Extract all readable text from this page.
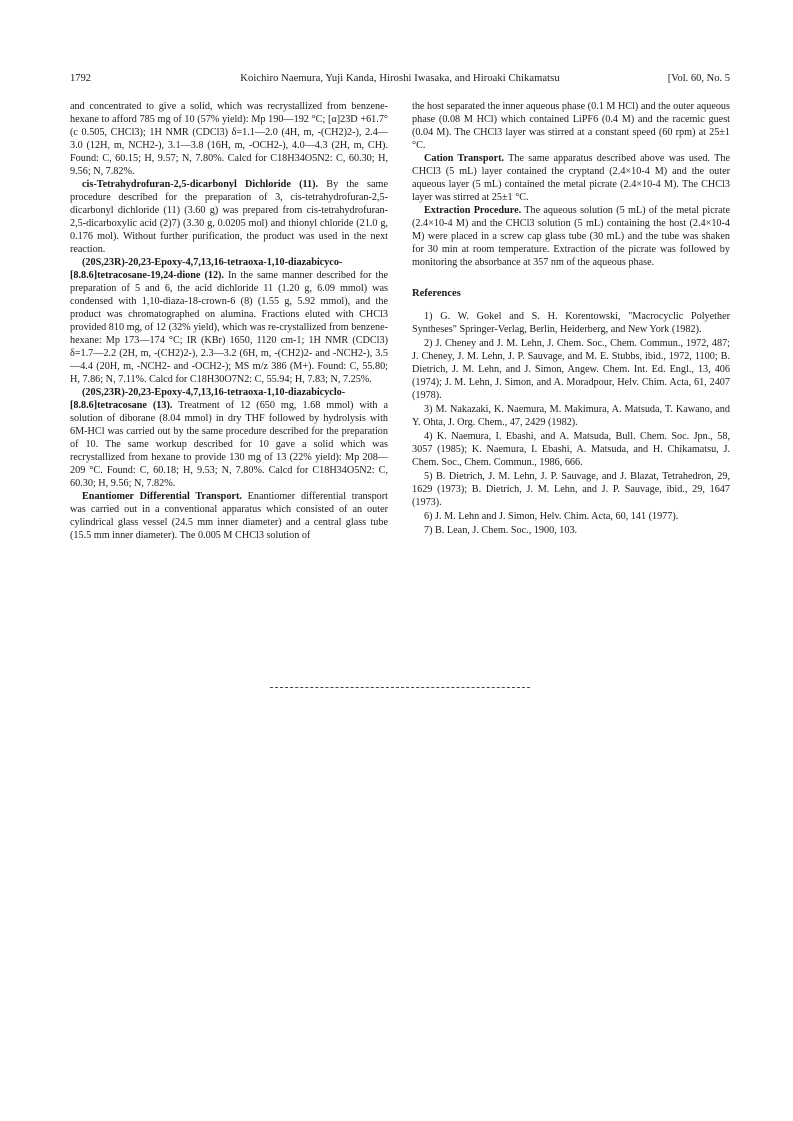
1792	Koichiro Naemura, Yuji Kanda, Hiroshi Iwasaka, and Hiroaki Chikamatsu	[Vol. 60, No. 5

and concentrated to give a solid, which was recrystallized from benzene-hexane to afford 785 mg of 10 (57% yield): Mp 190—192 °C; [α]23D +61.7° (c 0.505, CHCl3); 1H NMR (CDCl3) δ=1.1—2.0 (4H, m, -(CH2)2-), 2.4—3.0 (12H, m, NCH2-), 3.1—3.8 (16H, m, -OCH2-), 4.0—4.3 (2H, m, CH). Found: C, 60.15; H, 9.57; N, 7.80%. Calcd for C18H34O5N2: C, 60.30; H, 9.56; N, 7.82%.

cis-Tetrahydrofuran-2,5-dicarbonyl Dichloride (11). By the same procedure described for the preparation of 3, cis-tetrahydrofuran-2,5-dicarbonyl dichloride (11) (3.60 g) was prepared from cis-tetrahydrofuran-2,5-dicarboxylic acid (2)7) (3.30 g, 0.0205 mol) and thionyl chloride (21.0 g, 0.176 mol). Without further purification, the product was used in the next reaction.

(20S,23R)-20,23-Epoxy-4,7,13,16-tetraoxa-1,10-diazabicyco-[8.8.6]tetracosane-19,24-dione (12). In the same manner described for the preparation of 5 and 6, the acid dichloride 11 (1.20 g, 6.09 mmol) was condensed with 1,10-diaza-18-crown-6 (8) (1.55 g, 5.92 mmol), and the product was chromatographed on alumina. Fractions eluted with CHCl3 provided 810 mg, of 12 (32% yield), which was re-crystallized from benzene-hexane: Mp 173—174 °C; IR (KBr) 1650, 1120 cm-1; 1H NMR (CDCl3) δ=1.7—2.2 (2H, m, -(CH2)2-), 2.3—3.2 (6H, m, -(CH2)2- and -NCH2-), 3.5—4.4 (20H, m, -NCH2- and -OCH2-); MS m/z 386 (M+). Found: C, 55.80; H, 7.86; N, 7.11%. Calcd for C18H30O7N2: C, 55.94; H, 7.83; N, 7.25%.

(20S,23R)-20,23-Epoxy-4,7,13,16-tetraoxa-1,10-diazabicyclo-[8.8.6]tetracosane (13). Treatment of 12 (650 mg, 1.68 mmol) with a solution of diborane (8.04 mmol) in dry THF followed by hydrolysis with 6M-HCl was carried out by the same procedure described for the preparation of 10. The same workup described for 10 gave a solid which was recrystallized from hexane to provide 130 mg of 13 (22% yield): Mp 208—209 °C. Found: C, 60.18; H, 9.53; N, 7.80%. Calcd for C18H34O5N2: C, 60.30; H, 9.56; N, 7.82%.

Enantiomer Differential Transport. Enantiomer differential transport was carried out in a conventional apparatus which consisted of an outer cylindrical glass vessel (24.5 mm inner diameter) and a central glass tube (15.5 mm inner diameter). The 0.005 M CHCl3 solution of

the host separated the inner aqueous phase (0.1 M HCl) and the outer aqueous phase (0.08 M HCl) which contained LiPF6 (0.4 M) and the racemic guest (0.04 M). The CHCl3 layer was stirred at a constant speed (60 rpm) at 25±1 °C.

Cation Transport. The same apparatus described above was used. The CHCl3 (5 mL) layer contained the cryptand (2.4×10-4 M) and the outer aqueous layer (5 mL) contained the metal picrate (2.4×10-4 M). The CHCl3 layer was stirred at 25±1 °C.

Extraction Procedure. The aqueous solution (5 mL) of the metal picrate (2.4×10-4 M) and the CHCl3 solution (5 mL) containing the host (2.4×10-4 M) were placed in a screw cap glass tube (30 mL) and the tube was shaken for 30 min at room temperature. Extraction of the picrate was followed by monitoring the absorbance at 357 nm of the aqueous phase.

References

1) G. W. Gokel and S. H. Korentowski, "Macrocyclic Polyether Syntheses" Springer-Verlag, Berlin, Heiderberg, and New York (1982).

2) J. Cheney and J. M. Lehn, J. Chem. Soc., Chem. Commun., 1972, 487; J. Cheney, J. M. Lehn, J. P. Sauvage, and M. E. Stubbs, ibid., 1972, 1100; B. Dietrich, J. M. Lehn, and J. Simon, Angew. Chem. Int. Ed. Engl., 13, 406 (1974); J. M. Lehn, J. Simon, and A. Moradpour, Helv. Chim. Acta, 61, 2407 (1978).

3) M. Nakazaki, K. Naemura, M. Makimura, A. Matsuda, T. Kawano, and Y. Ohta, J. Org. Chem., 47, 2429 (1982).

4) K. Naemura, I. Ebashi, and A. Matsuda, Bull. Chem. Soc. Jpn., 58, 3057 (1985); K. Naemura, I. Ebashi, A. Matsuda, and H. Chikamatsu, J. Chem. Soc., Chem. Commun., 1986, 666.

5) B. Dietrich, J. M. Lehn, J. P. Sauvage, and J. Blazat, Tetrahedron, 29, 1629 (1973); B. Dietrich, J. M. Lehn, and J. P. Sauvage, ibid., 29, 1647 (1973).

6) J. M. Lehn and J. Simon, Helv. Chim. Acta, 60, 141 (1977).

7) B. Lean, J. Chem. Soc., 1900, 103.
